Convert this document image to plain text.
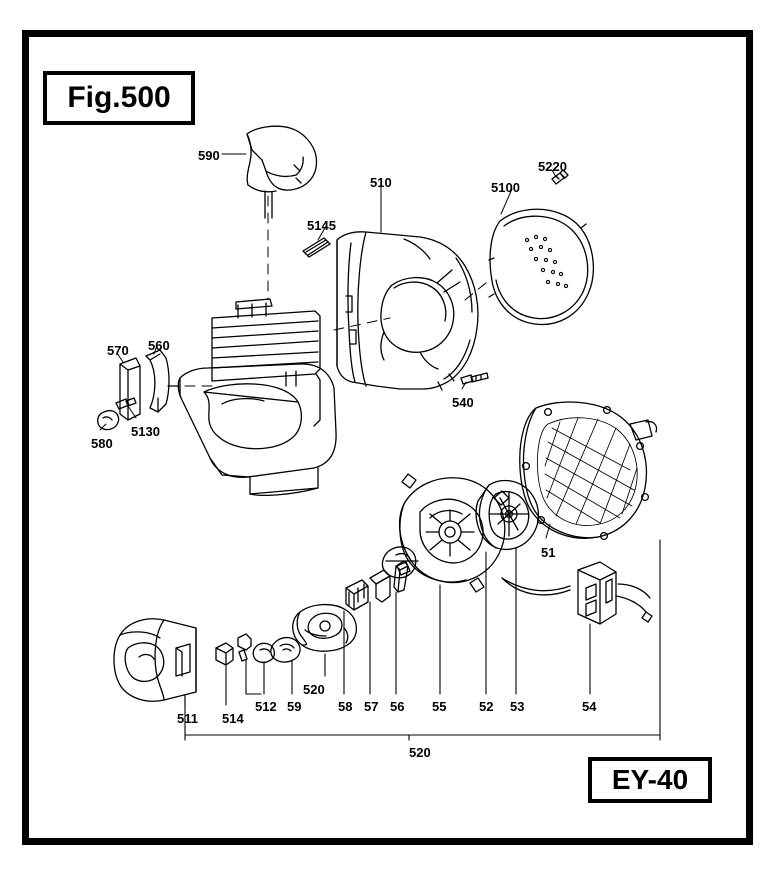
Fig.500
EY-40
590
510
5220
5100
5145
570 560
5130
580
540
51
520
511 514
512 59	58 57 56 55	52 53	54
520
